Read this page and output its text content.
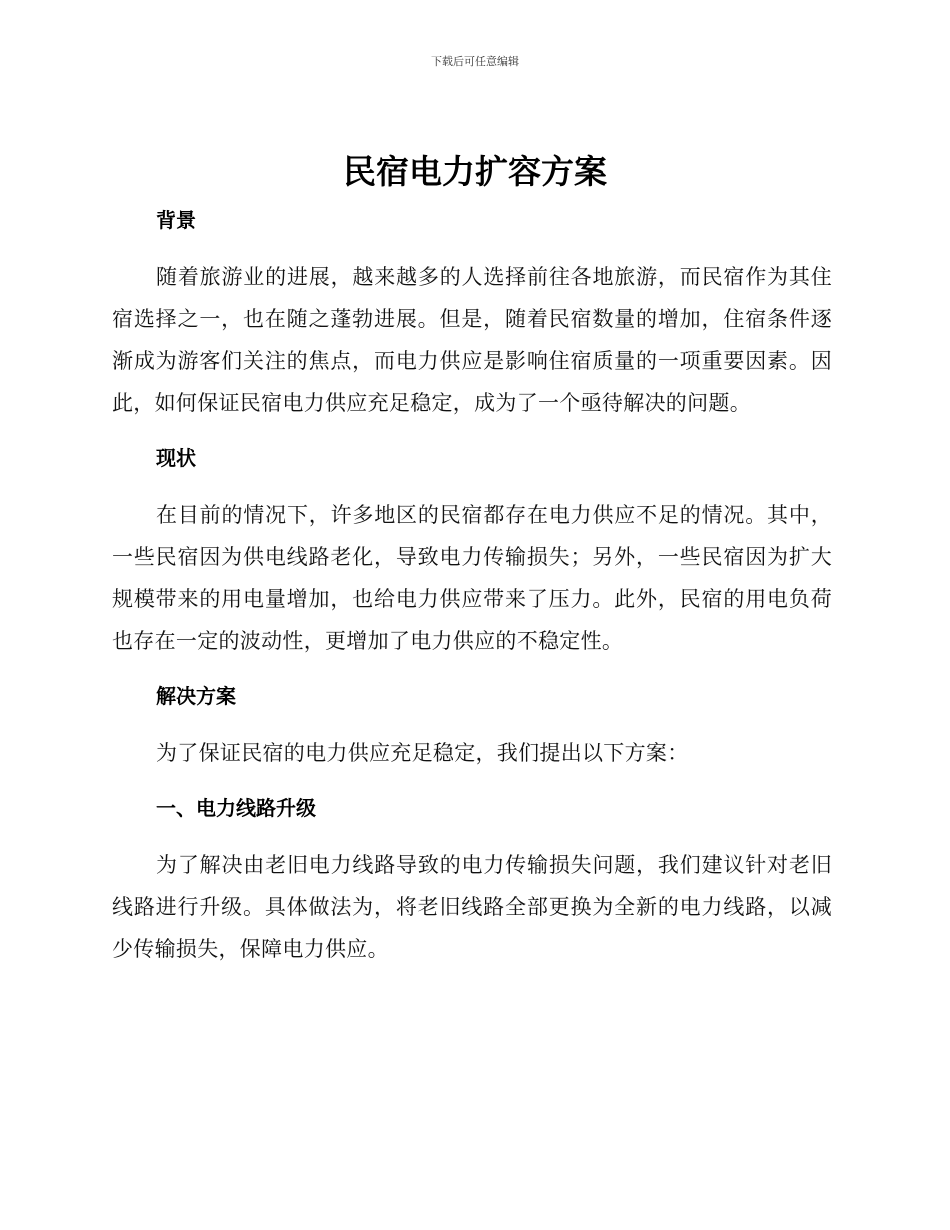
下载后可任意编辑
民宿电力扩容方案
背景

随着旅游业的进展，越来越多的人选择前往各地旅游，而民宿作为其住宿选择之一，也在随之蓬勃进展。但是，随着民宿数量的增加，住宿条件逐渐成为游客们关注的焦点，而电力供应是影响住宿质量的一项重要因素。因此，如何保证民宿电力供应充足稳定，成为了一个亟待解决的问题。

现状

在目前的情况下，许多地区的民宿都存在电力供应不足的情况。其中，一些民宿因为供电线路老化，导致电力传输损失；另外，一些民宿因为扩大规模带来的用电量增加，也给电力供应带来了压力。此外，民宿的用电负荷也存在一定的波动性，更增加了电力供应的不稳定性。

解决方案

为了保证民宿的电力供应充足稳定，我们提出以下方案：

一、电力线路升级

为了解决由老旧电力线路导致的电力传输损失问题，我们建议针对老旧线路进行升级。具体做法为，将老旧线路全部更换为全新的电力线路，以减少传输损失，保障电力供应。
